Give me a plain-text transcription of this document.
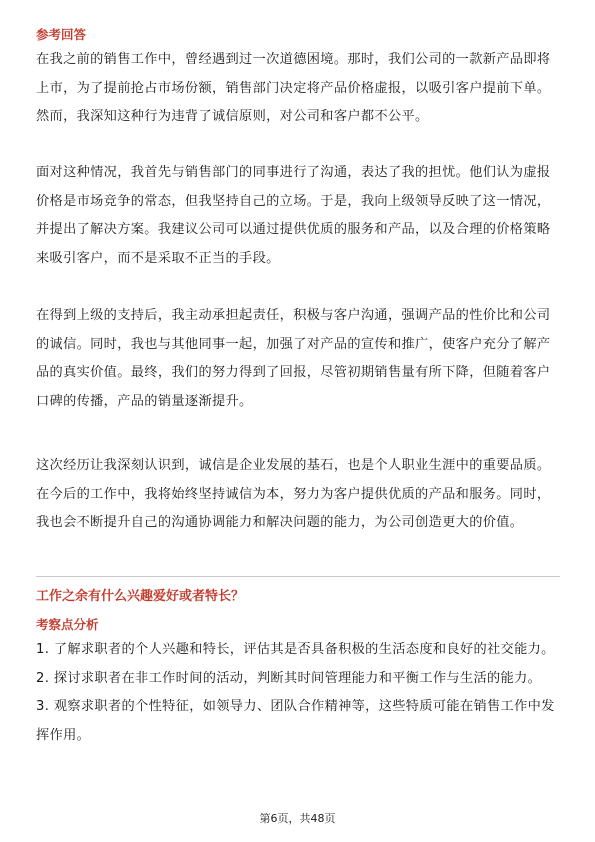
参考回答

在我之前的销售工作中，曾经遇到过一次道德困境。那时，我们公司的一款新产品即将上市，为了提前抢占市场份额，销售部门决定将产品价格虚报，以吸引客户提前下单。然而，我深知这种行为违背了诚信原则，对公司和客户都不公平。

面对这种情况，我首先与销售部门的同事进行了沟通，表达了我的担忧。他们认为虚报价格是市场竞争的常态，但我坚持自己的立场。于是，我向上级领导反映了这一情况，并提出了解决方案。我建议公司可以通过提供优质的服务和产品，以及合理的价格策略来吸引客户，而不是采取不正当的手段。

在得到上级的支持后，我主动承担起责任，积极与客户沟通，强调产品的性价比和公司的诚信。同时，我也与其他同事一起，加强了对产品的宣传和推广，使客户充分了解产品的真实价值。最终，我们的努力得到了回报，尽管初期销售量有所下降，但随着客户口碑的传播，产品的销量逐渐提升。

这次经历让我深刻认识到，诚信是企业发展的基石，也是个人职业生涯中的重要品质。在今后的工作中，我将始终坚持诚信为本，努力为客户提供优质的产品和服务。同时，我也会不断提升自己的沟通协调能力和解决问题的能力，为公司创造更大的价值。

工作之余有什么兴趣爱好或者特长？
考察点分析
1. 了解求职者的个人兴趣和特长，评估其是否具备积极的生活态度和良好的社交能力。
2. 探讨求职者在非工作时间的活动，判断其时间管理能力和平衡工作与生活的能力。
3. 观察求职者的个性特征，如领导力、团队合作精神等，这些特质可能在销售工作中发挥作用。
第6页，共48页
